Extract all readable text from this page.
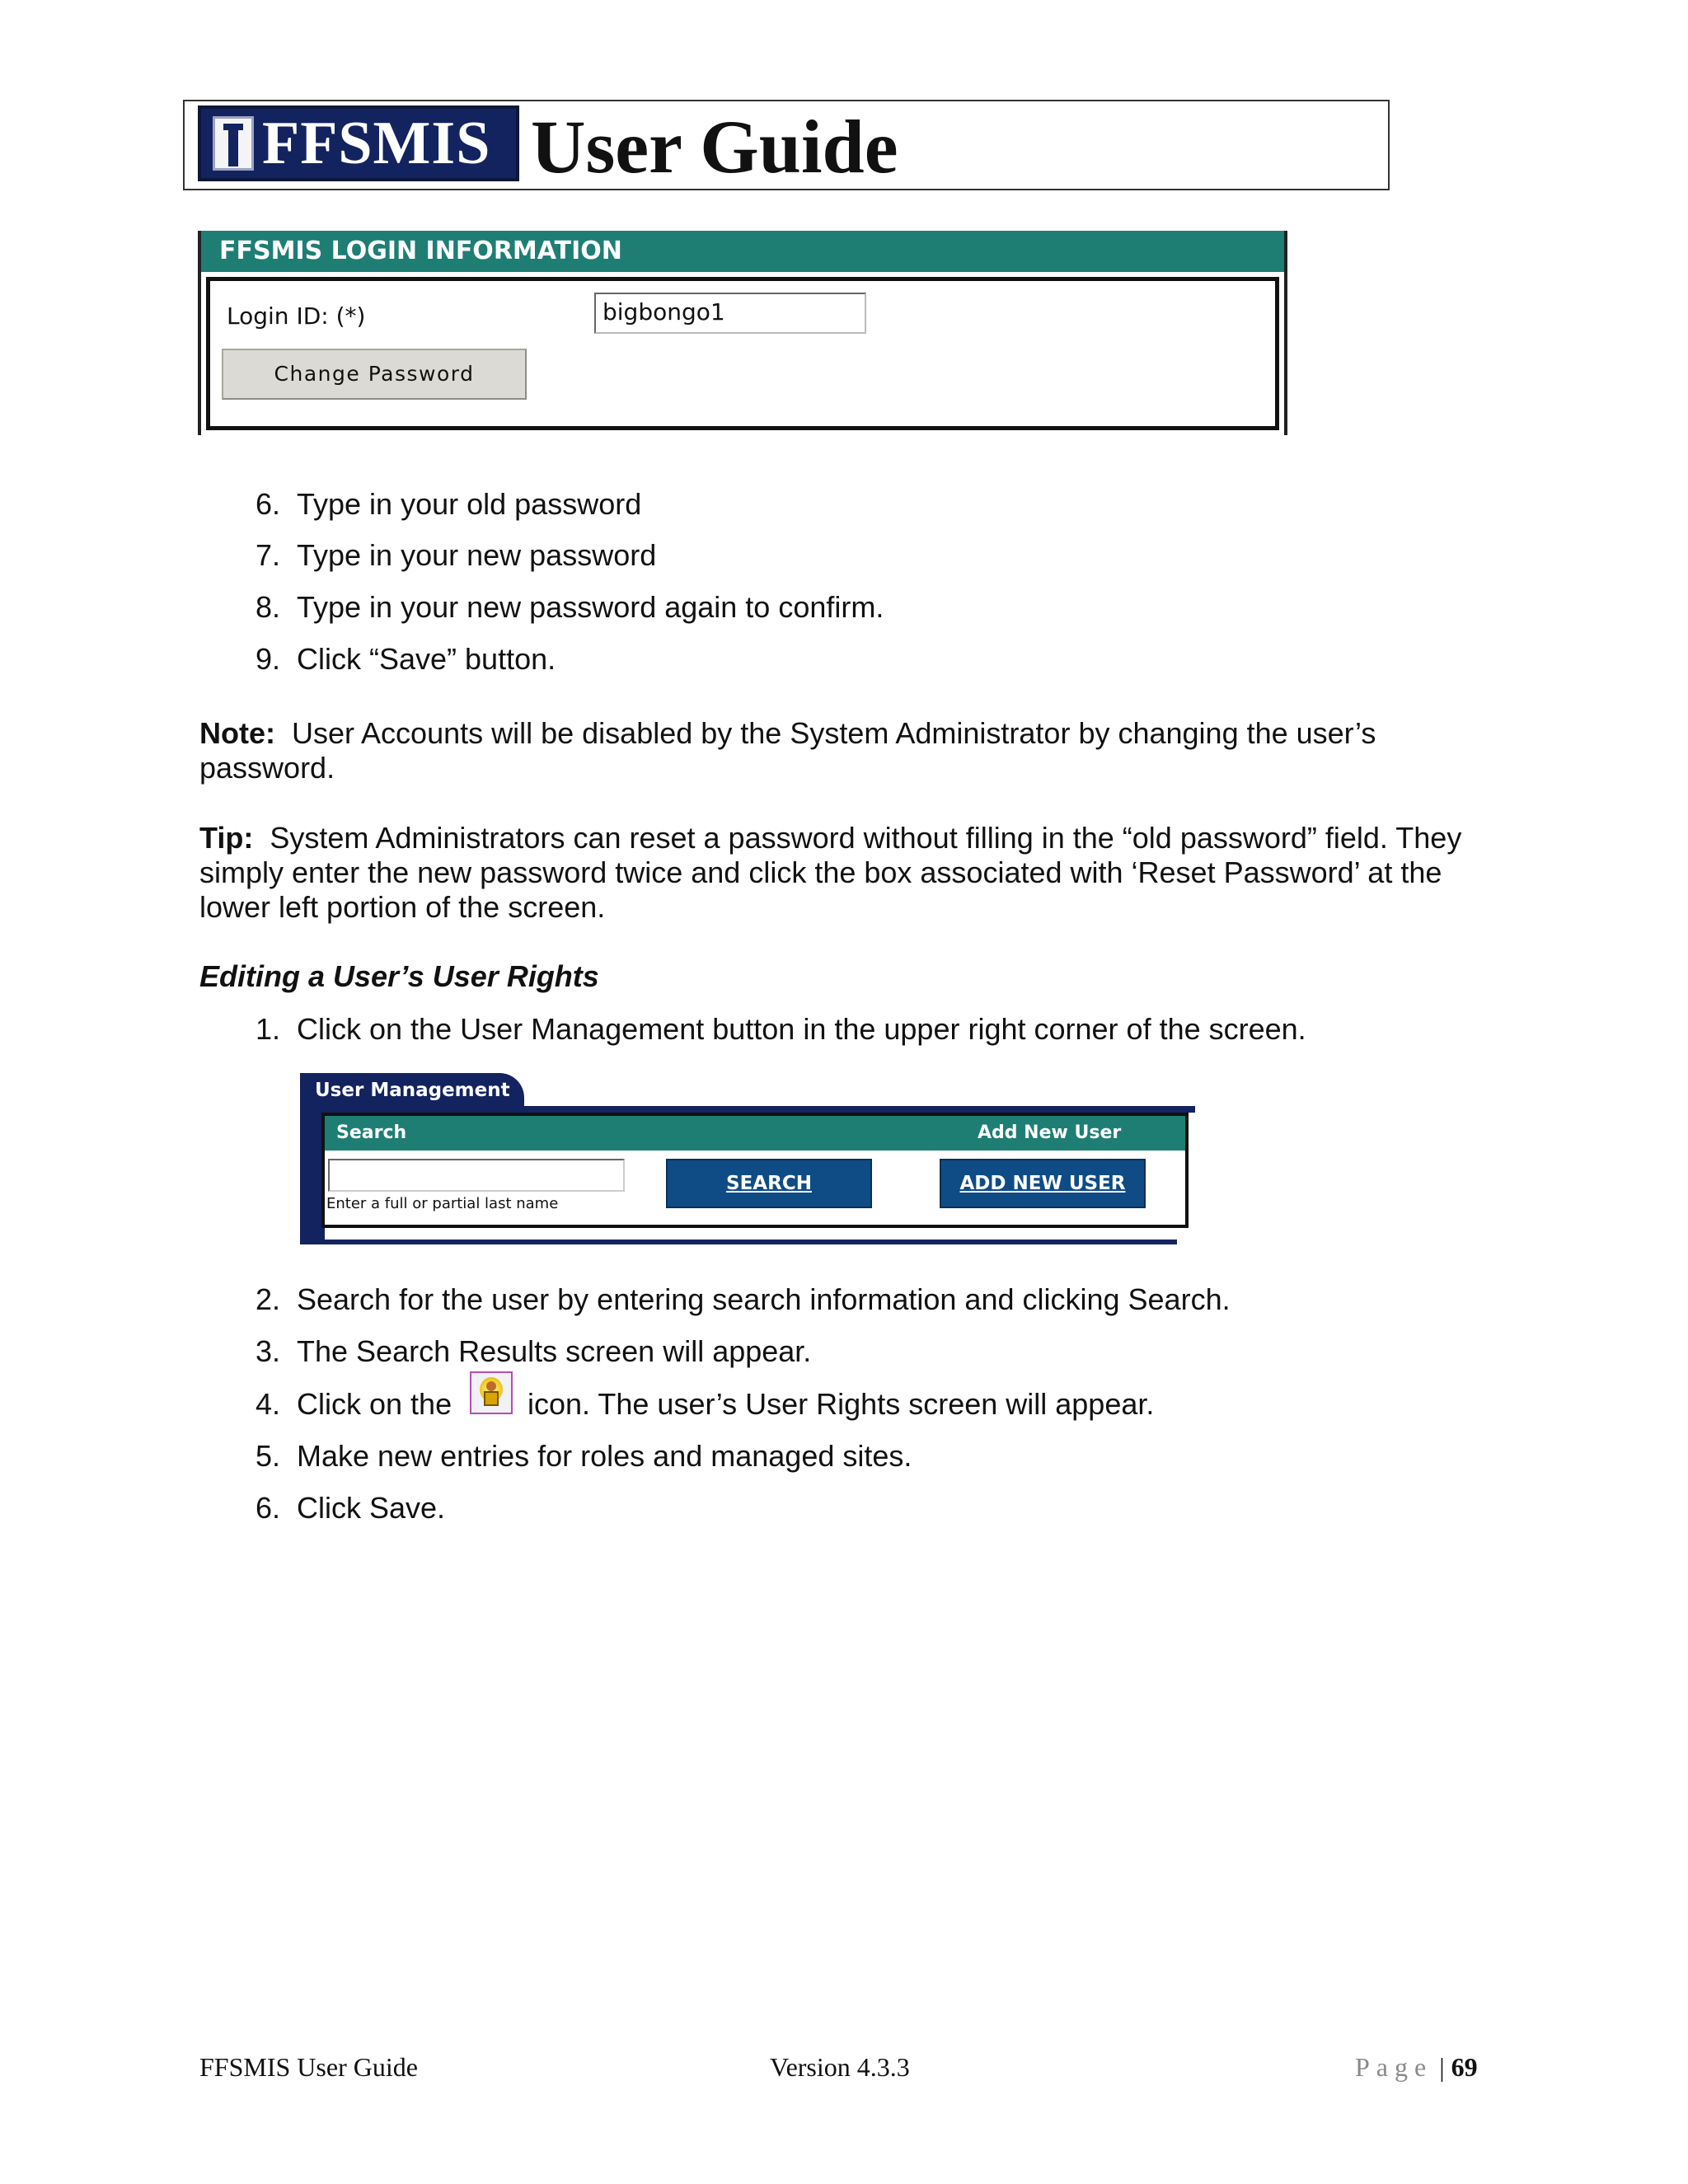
FFSMIS User Guide
FFSMIS LOGIN INFORMATION
Login ID: (*)	bigbongo1
Change Password
6. Type in your old password
7. Type in your new password
8. Type in your new password again to confirm.
9. Click “Save” button.
Note: User Accounts will be disabled by the System Administrator by changing the user’s password.
Tip: System Administrators can reset a password without filling in the “old password” field. They simply enter the new password twice and click the box associated with ‘Reset Password’ at the lower left portion of the screen.
Editing a User’s User Rights
1. Click on the User Management button in the upper right corner of the screen.
User Management
Search	Add New User
Enter a full or partial last name
SEARCH	ADD NEW USER
2. Search for the user by entering search information and clicking Search.
3. The Search Results screen will appear.
4. Click on the	icon. The user’s User Rights screen will appear.
5. Make new entries for roles and managed sites.
6. Click Save.
FFSMIS User Guide	Version 4.3.3	Page | 69
